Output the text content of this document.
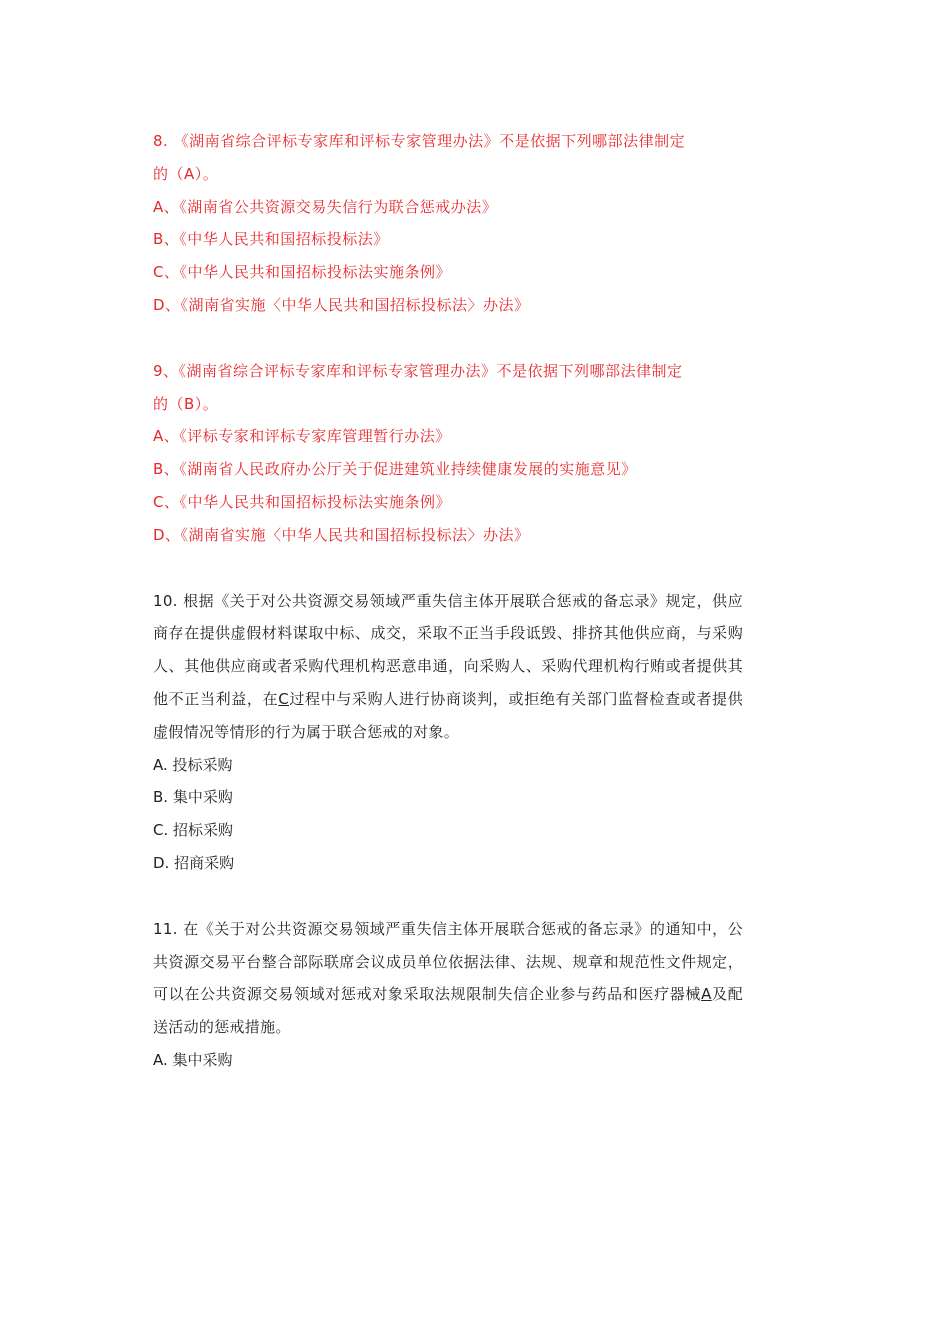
8. 《湖南省综合评标专家库和评标专家管理办法》不是依据下列哪部法律制定

的（A）。

A、《湖南省公共资源交易失信行为联合惩戒办法》

B、《中华人民共和国招标投标法》

C、《中华人民共和国招标投标法实施条例》

D、《湖南省实施〈中华人民共和国招标投标法〉办法》

9、《湖南省综合评标专家库和评标专家管理办法》不是依据下列哪部法律制定

的（B）。

A、《评标专家和评标专家库管理暂行办法》

B、《湖南省人民政府办公厅关于促进建筑业持续健康发展的实施意见》

C、《中华人民共和国招标投标法实施条例》

D、《湖南省实施〈中华人民共和国招标投标法〉办法》

10. 根据《关于对公共资源交易领域严重失信主体开展联合惩戒的备忘录》规定，供应商存在提供虚假材料谋取中标、成交，采取不正当手段诋毁、排挤其他供应商，与采购人、其他供应商或者采购代理机构恶意串通，向采购人、采购代理机构行贿或者提供其他不正当利益，在C过程中与采购人进行协商谈判，或拒绝有关部门监督检查或者提供虚假情况等情形的行为属于联合惩戒的对象。

A. 投标采购

B. 集中采购

C. 招标采购

D. 招商采购

11. 在《关于对公共资源交易领域严重失信主体开展联合惩戒的备忘录》的通知中，公共资源交易平台整合部际联席会议成员单位依据法律、法规、规章和规范性文件规定，可以在公共资源交易领域对惩戒对象采取法规限制失信企业参与药品和医疗器械A及配送活动的惩戒措施。

A. 集中采购
